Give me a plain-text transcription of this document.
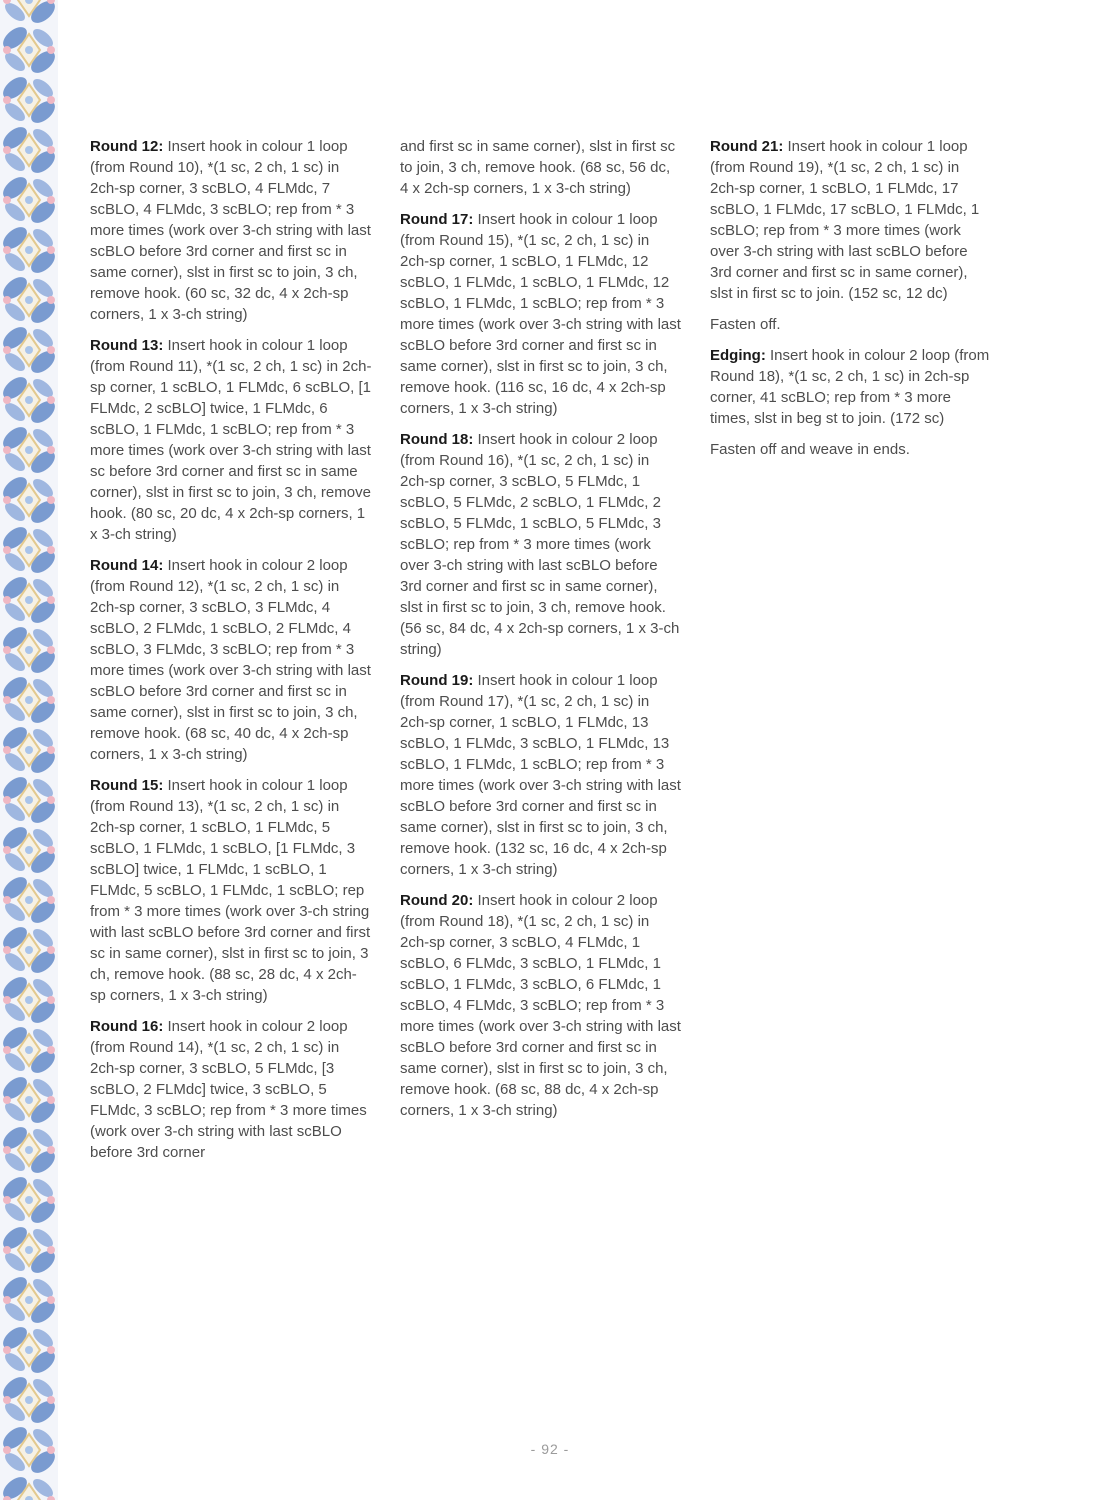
Round 12: Insert hook in colour 1 loop (from Round 10), *(1 sc, 2 ch, 1 sc) in 2ch-sp corner, 3 scBLO, 4 FLMdc, 7 scBLO, 4 FLMdc, 3 scBLO; rep from * 3 more times (work over 3-ch string with last scBLO before 3rd corner and first sc in same corner), slst in first sc to join, 3 ch, remove hook. (60 sc, 32 dc, 4 x 2ch-sp corners, 1 x 3-ch string)

Round 13: Insert hook in colour 1 loop (from Round 11), *(1 sc, 2 ch, 1 sc) in 2ch-sp corner, 1 scBLO, 1 FLMdc, 6 scBLO, [1 FLMdc, 2 scBLO] twice, 1 FLMdc, 6 scBLO, 1 FLMdc, 1 scBLO; rep from * 3 more times (work over 3-ch string with last sc before 3rd corner and first sc in same corner), slst in first sc to join, 3 ch, remove hook. (80 sc, 20 dc, 4 x 2ch-sp corners, 1 x 3-ch string)

Round 14: Insert hook in colour 2 loop (from Round 12), *(1 sc, 2 ch, 1 sc) in 2ch-sp corner, 3 scBLO, 3 FLMdc, 4 scBLO, 2 FLMdc, 1 scBLO, 2 FLMdc, 4 scBLO, 3 FLMdc, 3 scBLO; rep from * 3 more times (work over 3-ch string with last scBLO before 3rd corner and first sc in same corner), slst in first sc to join, 3 ch, remove hook. (68 sc, 40 dc, 4 x 2ch-sp corners, 1 x 3-ch string)

Round 15: Insert hook in colour 1 loop (from Round 13), *(1 sc, 2 ch, 1 sc) in 2ch-sp corner, 1 scBLO, 1 FLMdc, 5 scBLO, 1 FLMdc, 1 scBLO, [1 FLMdc, 3 scBLO] twice, 1 FLMdc, 1 scBLO, 1 FLMdc, 5 scBLO, 1 FLMdc, 1 scBLO; rep from * 3 more times (work over 3-ch string with last scBLO before 3rd corner and first sc in same corner), slst in first sc to join, 3 ch, remove hook. (88 sc, 28 dc, 4 x 2ch-sp corners, 1 x 3-ch string)

Round 16: Insert hook in colour 2 loop (from Round 14), *(1 sc, 2 ch, 1 sc) in 2ch-sp corner, 3 scBLO, 5 FLMdc, [3 scBLO, 2 FLMdc] twice, 3 scBLO, 5 FLMdc, 3 scBLO; rep from * 3 more times (work over 3-ch string with last scBLO before 3rd corner

and first sc in same corner), slst in first sc to join, 3 ch, remove hook. (68 sc, 56 dc, 4 x 2ch-sp corners, 1 x 3-ch string)

Round 17: Insert hook in colour 1 loop (from Round 15), *(1 sc, 2 ch, 1 sc) in 2ch-sp corner, 1 scBLO, 1 FLMdc, 12 scBLO, 1 FLMdc, 1 scBLO, 1 FLMdc, 12 scBLO, 1 FLMdc, 1 scBLO; rep from * 3 more times (work over 3-ch string with last scBLO before 3rd corner and first sc in same corner), slst in first sc to join, 3 ch, remove hook. (116 sc, 16 dc, 4 x 2ch-sp corners, 1 x 3-ch string)

Round 18: Insert hook in colour 2 loop (from Round 16), *(1 sc, 2 ch, 1 sc) in 2ch-sp corner, 3 scBLO, 5 FLMdc, 1 scBLO, 5 FLMdc, 2 scBLO, 1 FLMdc, 2 scBLO, 5 FLMdc, 1 scBLO, 5 FLMdc, 3 scBLO; rep from * 3 more times (work over 3-ch string with last scBLO before 3rd corner and first sc in same corner), slst in first sc to join, 3 ch, remove hook. (56 sc, 84 dc, 4 x 2ch-sp corners, 1 x 3-ch string)

Round 19: Insert hook in colour 1 loop (from Round 17), *(1 sc, 2 ch, 1 sc) in 2ch-sp corner, 1 scBLO, 1 FLMdc, 13 scBLO, 1 FLMdc, 3 scBLO, 1 FLMdc, 13 scBLO, 1 FLMdc, 1 scBLO; rep from * 3 more times (work over 3-ch string with last scBLO before 3rd corner and first sc in same corner), slst in first sc to join, 3 ch, remove hook. (132 sc, 16 dc, 4 x 2ch-sp corners, 1 x 3-ch string)

Round 20: Insert hook in colour 2 loop (from Round 18), *(1 sc, 2 ch, 1 sc) in 2ch-sp corner, 3 scBLO, 4 FLMdc, 1 scBLO, 6 FLMdc, 3 scBLO, 1 FLMdc, 1 scBLO, 1 FLMdc, 3 scBLO, 6 FLMdc, 1 scBLO, 4 FLMdc, 3 scBLO; rep from * 3 more times (work over 3-ch string with last scBLO before 3rd corner and first sc in same corner), slst in first sc to join, 3 ch, remove hook. (68 sc, 88 dc, 4 x 2ch-sp corners, 1 x 3-ch string)

Round 21: Insert hook in colour 1 loop (from Round 19), *(1 sc, 2 ch, 1 sc) in 2ch-sp corner, 1 scBLO, 1 FLMdc, 17 scBLO, 1 FLMdc, 17 scBLO, 1 FLMdc, 1 scBLO; rep from * 3 more times (work over 3-ch string with last scBLO before 3rd corner and first sc in same corner), slst in first sc to join. (152 sc, 12 dc)

Fasten off.

Edging: Insert hook in colour 2 loop (from Round 18), *(1 sc, 2 ch, 1 sc) in 2ch-sp corner, 41 scBLO; rep from * 3 more times, slst in beg st to join. (172 sc)

Fasten off and weave in ends.

- 92 -
